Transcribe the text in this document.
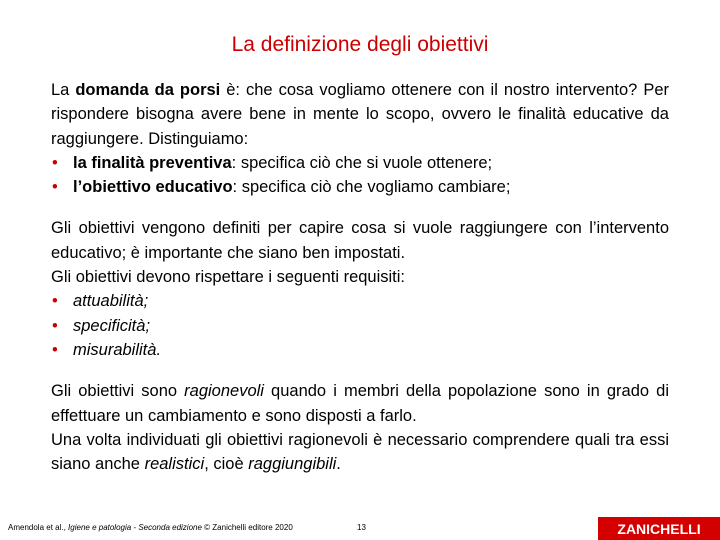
La definizione degli obiettivi

La domanda da porsi è: che cosa vogliamo ottenere con il nostro intervento? Per rispondere bisogna avere bene in mente lo scopo, ovvero le finalità educative da raggiungere. Distinguiamo:

• la finalità preventiva: specifica ciò che si vuole ottenere;
• l’obiettivo educativo: specifica ciò che vogliamo cambiare;

Gli obiettivi vengono definiti per capire cosa si vuole raggiungere con l’intervento educativo; è importante che siano ben impostati.

Gli obiettivi devono rispettare i seguenti requisiti:

• attuabilità;
• specificità;
• misurabilità.

Gli obiettivi sono ragionevoli quando i membri della popolazione sono in grado di effettuare un cambiamento e sono disposti a farlo.

Una volta individuati gli obiettivi ragionevoli è necessario comprendere quali tra essi siano anche realistici, cioè raggiungibili.

Amendola et al., Igiene e patologia - Seconda edizione © Zanichelli editore 2020	13	ZANICHELLI
